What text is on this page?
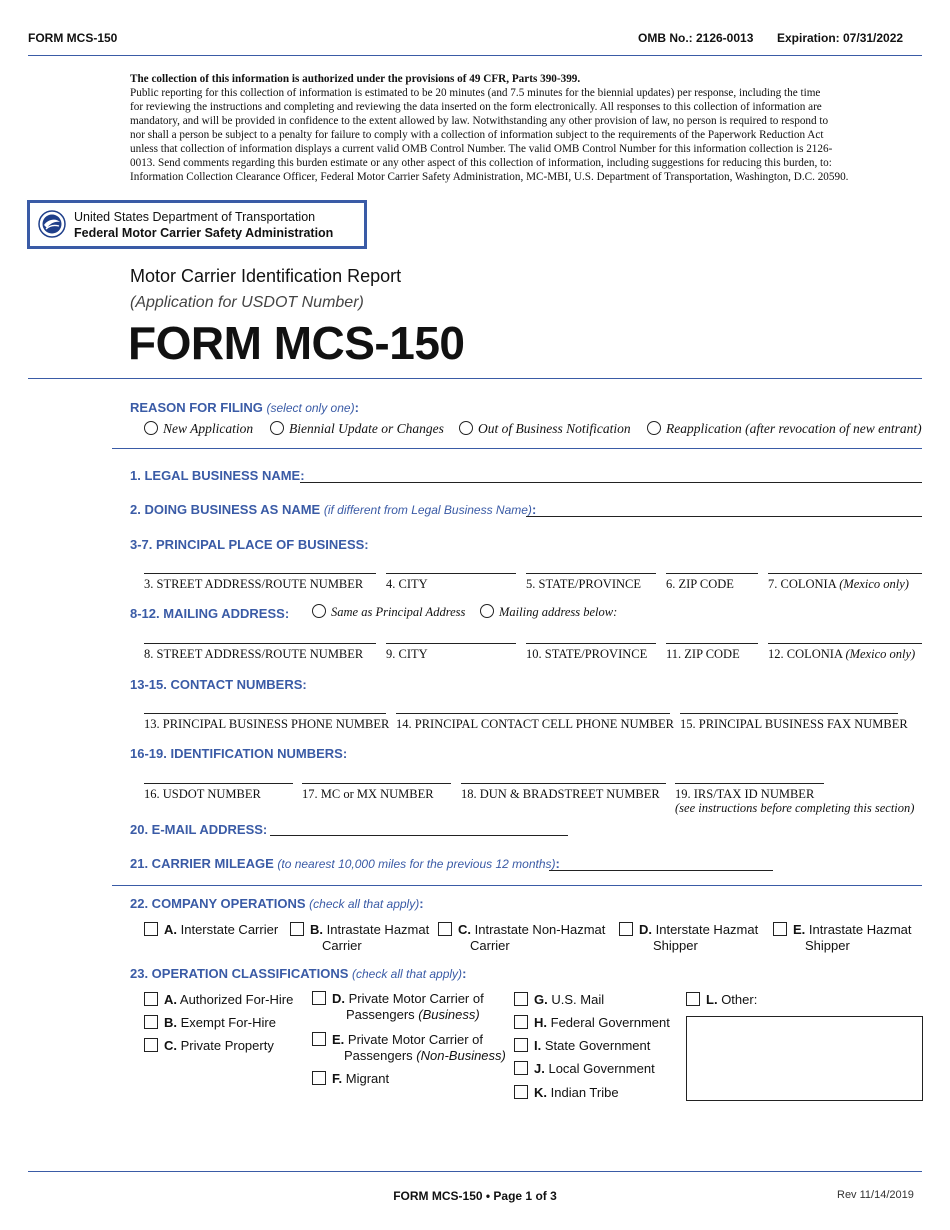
FORM MCS-150	OMB No.: 2126-0013 Expiration: 07/31/2022
The collection of this information is authorized under the provisions of 49 CFR, Parts 390-399.
Public reporting for this collection of information is estimated to be 20 minutes (and 7.5 minutes for the biennial updates) per response, including the time
for reviewing the instructions and completing and reviewing the data inserted on the form electronically. All responses to this collection of information are
mandatory, and will be provided in confidence to the extent allowed by law. Notwithstanding any other provision of law, no person is required to respond to
nor shall a person be subject to a penalty for failure to comply with a collection of information subject to the requirements of the Paperwork Reduction Act
unless that collection of information displays a current valid OMB Control Number. The valid OMB Control Number for this information collection is 2126-
0013. Send comments regarding this burden estimate or any other aspect of this collection of information, including suggestions for reducing this burden, to:
Information Collection Clearance Officer, Federal Motor Carrier Safety Administration, MC-MBI, U.S. Department of Transportation, Washington, D.C. 20590.
United States Department of Transportation
Federal Motor Carrier Safety Administration
Motor Carrier Identification Report
(Application for USDOT Number)
FORM MCS-150
REASON FOR FILING (select only one):
New Application	Biennial Update or Changes	Out of Business Notification	Reapplication (after revocation of new entrant)
1. LEGAL BUSINESS NAME:
2. DOING BUSINESS AS NAME (if different from Legal Business Name):
3-7. PRINCIPAL PLACE OF BUSINESS:
3. STREET ADDRESS/ROUTE NUMBER 4. CITY	5. STATE/PROVINCE 6. ZIP CODE	7. COLONIA (Mexico only)
8-12. MAILING ADDRESS:	Same as Principal Address	Mailing address below:
8. STREET ADDRESS/ROUTE NUMBER 9. CITY	10. STATE/PROVINCE 11. ZIP CODE 12. COLONIA (Mexico only)
13-15. CONTACT NUMBERS:
13. PRINCIPAL BUSINESS PHONE NUMBER 14. PRINCIPAL CONTACT CELL PHONE NUMBER 15. PRINCIPAL BUSINESS FAX NUMBER
16-19. IDENTIFICATION NUMBERS:
16. USDOT NUMBER	17. MC or MX NUMBER 18. DUN & BRADSTREET NUMBER 19. IRS/TAX ID NUMBER
(see instructions before completing this section)
20. E-MAIL ADDRESS:
21. CARRIER MILEAGE (to nearest 10,000 miles for the previous 12 months):
22. COMPANY OPERATIONS (check all that apply):
A. Interstate Carrier	B. Intrastate Hazmat
Carrier
C. Intrastate Non-Hazmat
Carrier
D. Interstate Hazmat
Shipper
E. Intrastate Hazmat
Shipper
23. OPERATION CLASSIFICATIONS (check all that apply):
A. Authorized For-Hire
B. Exempt For-Hire
C. Private Property
D. Private Motor Carrier of
Passengers (Business)
E. Private Motor Carrier of
Passengers (Non-Business)
F. Migrant
G. U.S. Mail
H. Federal Government
I. State Government
J. Local Government
K. Indian Tribe
L. Other:
FORM MCS-150 • Page 1 of 3	Rev 11/14/2019
